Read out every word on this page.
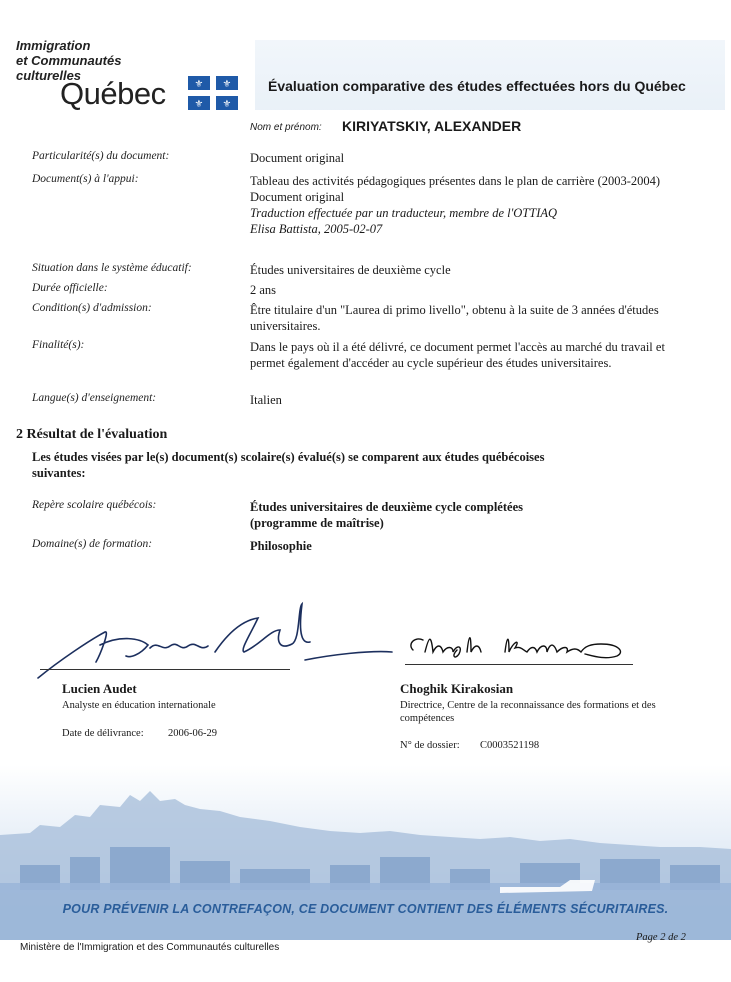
Immigration
et Communautés
culturelles
Québec	⚜ ⚜
⚜ ⚜
Évaluation comparative des études effectuées hors du Québec
Nom et prénom: KIRIYATSKIY, ALEXANDER
Particularité(s) du document:	Document original
Document(s) à l'appui:	Tableau des activités pédagogiques présentes dans le plan de carrière (2003-2004)
Document original
Traduction effectuée par un traducteur, membre de l'OTTIAQ
Elisa Battista, 2005-02-07
Situation dans le système éducatif:	Études universitaires de deuxième cycle
Durée officielle:	2 ans
Condition(s) d'admission:	Être titulaire d'un "Laurea di primo livello", obtenu à la suite de 3 années d'études universitaires.
Finalité(s):	Dans le pays où il a été délivré, ce document permet l'accès au marché du travail et permet également d'accéder au cycle supérieur des études universitaires.
Langue(s) d'enseignement:	Italien
2 Résultat de l'évaluation
Les études visées par le(s) document(s) scolaire(s) évalué(s) se comparent aux études québécoises suivantes:
Repère scolaire québécois:	Études universitaires de deuxième cycle complétées
(programme de maîtrise)
Domaine(s) de formation:	Philosophie
Lucien Audet
Analyste en éducation internationale
Date de délivrance: 2006-06-29
Choghik Kirakosian
Directrice, Centre de la reconnaissance des formations et des compétences
N° de dossier: C0003521198
POUR PRÉVENIR LA CONTREFAÇON, CE DOCUMENT CONTIENT DES ÉLÉMENTS SÉCURITAIRES.
Ministère de l'Immigration et des Communautés culturelles
Page 2 de 2
